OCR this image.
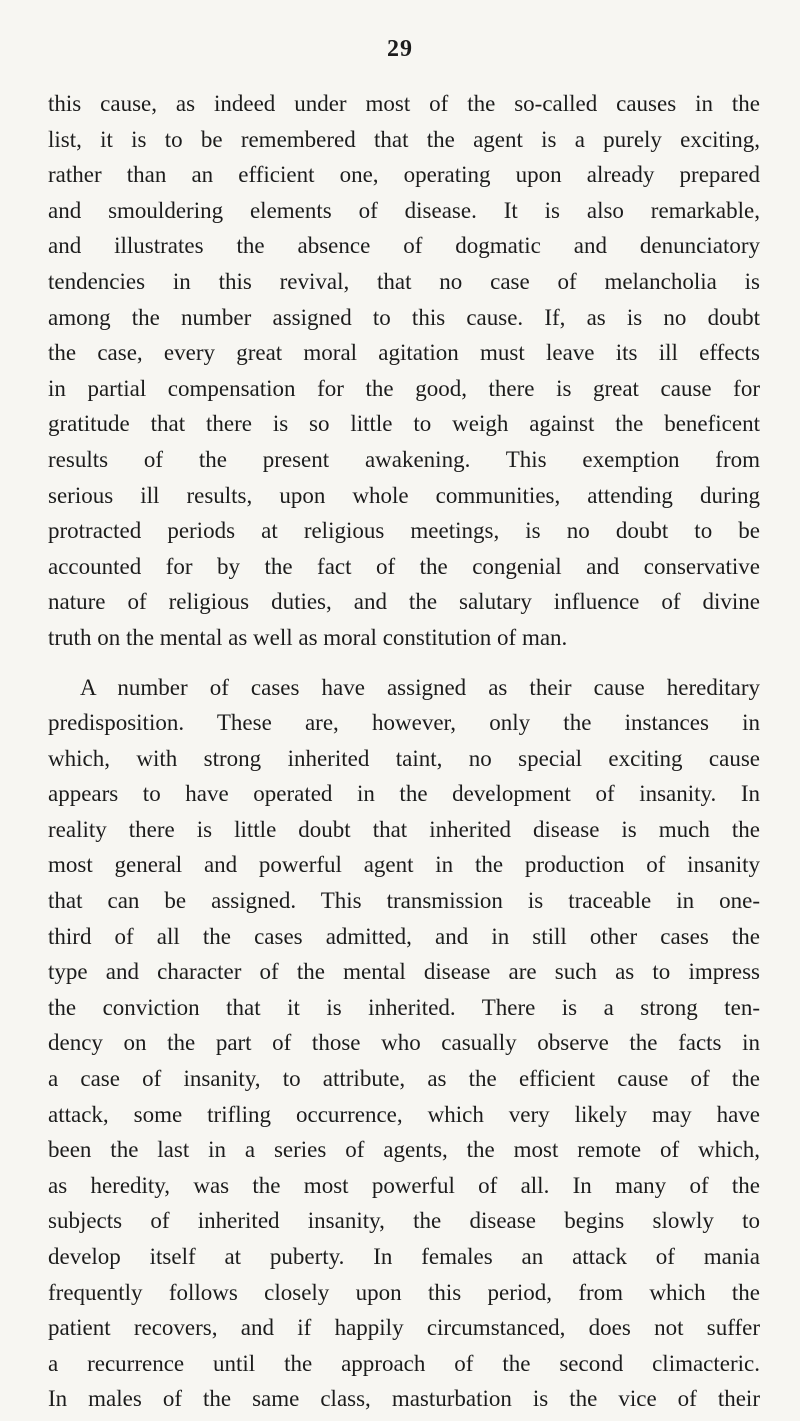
29
this cause, as indeed under most of the so-called causes in the
list, it is to be remembered that the agent is a purely exciting,
rather than an efficient one, operating upon already prepared
and smouldering elements of disease. It is also remarkable,
and illustrates the absence of dogmatic and denunciatory
tendencies in this revival, that no case of melancholia is
among the number assigned to this cause. If, as is no doubt
the case, every great moral agitation must leave its ill effects
in partial compensation for the good, there is great cause for
gratitude that there is so little to weigh against the beneficent
results of the present awakening. This exemption from
serious ill results, upon whole communities, attending during
protracted periods at religious meetings, is no doubt to be
accounted for by the fact of the congenial and conservative
nature of religious duties, and the salutary influence of divine
truth on the mental as well as moral constitution of man.
A number of cases have assigned as their cause hereditary
predisposition. These are, however, only the instances in
which, with strong inherited taint, no special exciting cause
appears to have operated in the development of insanity. In
reality there is little doubt that inherited disease is much the
most general and powerful agent in the production of insanity
that can be assigned. This transmission is traceable in one-
third of all the cases admitted, and in still other cases the
type and character of the mental disease are such as to impress
the conviction that it is inherited. There is a strong ten-
dency on the part of those who casually observe the facts in
a case of insanity, to attribute, as the efficient cause of the
attack, some trifling occurrence, which very likely may have
been the last in a series of agents, the most remote of which,
as heredity, was the most powerful of all. In many of the
subjects of inherited insanity, the disease begins slowly to
develop itself at puberty. In females an attack of mania
frequently follows closely upon this period, from which the
patient recovers, and if happily circumstanced, does not suffer
a recurrence until the approach of the second climacteric.
In males of the same class, masturbation is the vice of their
